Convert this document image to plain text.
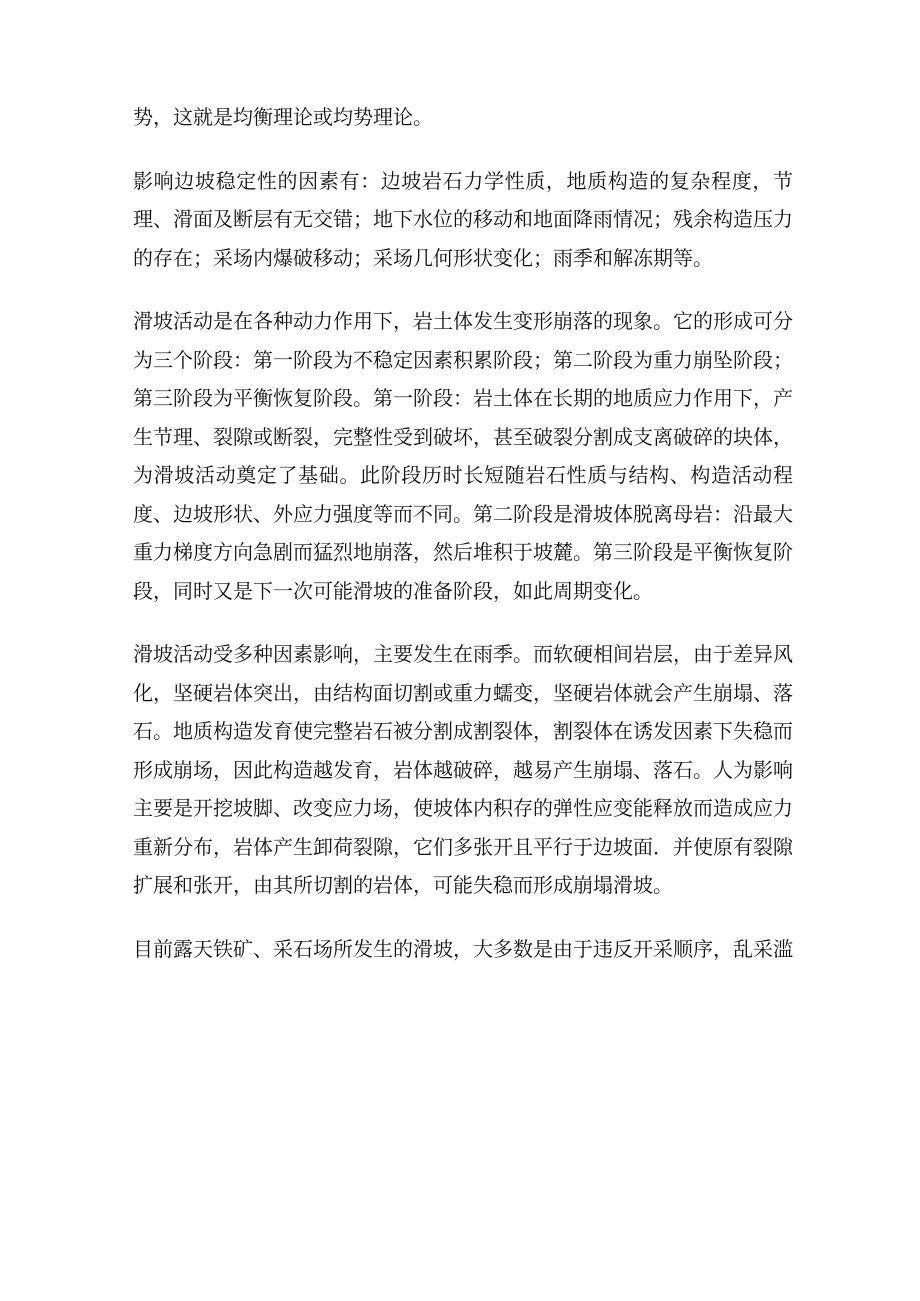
势，这就是均衡理论或均势理论。

影响边坡稳定性的因素有：边坡岩石力学性质，地质构造的复杂程度，节理、滑面及断层有无交错；地下水位的移动和地面降雨情况；残余构造压力的存在；采场内爆破移动；采场几何形状变化；雨季和解冻期等。

滑坡活动是在各种动力作用下，岩土体发生变形崩落的现象。它的形成可分为三个阶段：第一阶段为不稳定因素积累阶段；第二阶段为重力崩坠阶段；第三阶段为平衡恢复阶段。第一阶段：岩土体在长期的地质应力作用下，产生节理、裂隙或断裂，完整性受到破坏，甚至破裂分割成支离破碎的块体，为滑坡活动奠定了基础。此阶段历时长短随岩石性质与结构、构造活动程度、边坡形状、外应力强度等而不同。第二阶段是滑坡体脱离母岩：沿最大重力梯度方向急剧而猛烈地崩落，然后堆积于坡麓。第三阶段是平衡恢复阶段，同时又是下一次可能滑坡的准备阶段，如此周期变化。

滑坡活动受多种因素影响，主要发生在雨季。而软硬相间岩层，由于差异风化，坚硬岩体突出，由结构面切割或重力蠕变，坚硬岩体就会产生崩塌、落石。地质构造发育使完整岩石被分割成割裂体，割裂体在诱发因素下失稳而形成崩场，因此构造越发育，岩体越破碎，越易产生崩塌、落石。人为影响主要是开挖坡脚、改变应力场，使坡体内积存的弹性应变能释放而造成应力重新分布，岩体产生卸荷裂隙，它们多张开且平行于边坡面．并使原有裂隙扩展和张开，由其所切割的岩体，可能失稳而形成崩塌滑坡。

目前露天铁矿、采石场所发生的滑坡，大多数是由于违反开采顺序，乱采滥
